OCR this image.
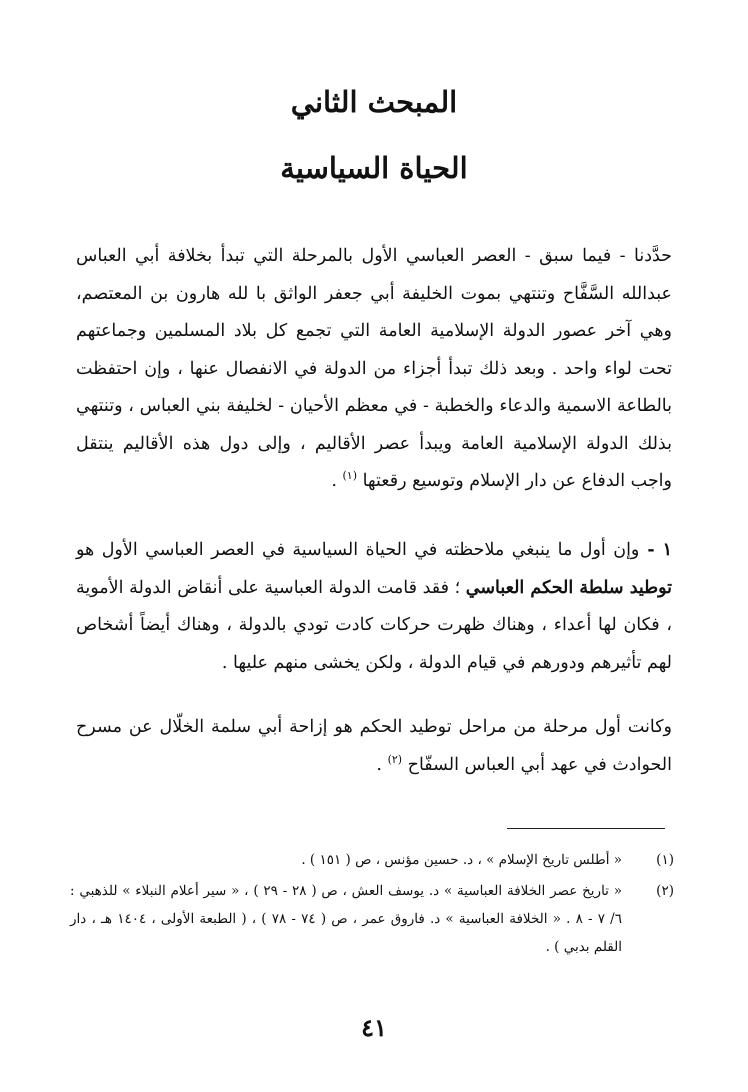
المبحث الثاني
الحياة السياسية

حدَّدنا - فيما سبق - العصر العباسي الأول بالمرحلة التي تبدأ بخلافة أبي العباس عبدالله السَّفَّاح وتنتهي بموت الخليفة أبي جعفر الواثق با لله هارون بن المعتصم، وهي آخر عصور الدولة الإسلامية العامة التي تجمع كل بلاد المسلمين وجماعتهم تحت لواء واحد . وبعد ذلك تبدأ أجزاء من الدولة في الانفصال عنها ، وإن احتفظت بالطاعة الاسمية والدعاء والخطبة - في معظم الأحيان - لخليفة بني العباس ، وتنتهي بذلك الدولة الإسلامية العامة ويبدأ عصر الأقاليم ، وإلى دول هذه الأقاليم ينتقل واجب الدفاع عن دار الإسلام وتوسيع رقعتها $^{(١)}$ .

١ - وإن أول ما ينبغي ملاحظته في الحياة السياسية في العصر العباسي الأول هو توطيد سلطة الحكم العباسي ؛ فقد قامت الدولة العباسية على أنقاض الدولة الأموية ، فكان لها أعداء ، وهناك ظهرت حركات كادت تودي بالدولة ، وهناك أيضاً أشخاص لهم تأثيرهم ودورهم في قيام الدولة ، ولكن يخشى منهم عليها .

وكانت أول مرحلة من مراحل توطيد الحكم هو إزاحة أبي سلمة الخلّال عن مسرح الحوادث في عهد أبي العباس السفّاح $^{(٢)}$ .

(١)
« أطلس تاريخ الإسلام » ، د. حسين مؤنس ، ص ( ١٥١ ) .
(٢)
« تاريخ عصر الخلافة العباسية » د. يوسف العش ، ص ( ٢٨ - ٢٩ ) ، « سير أعلام النبلاء » للذهبي : ٦/ ٧ - ٨ . « الخلافة العباسية » د. فاروق عمر ، ص ( ٧٤ - ٧٨ ) ، ( الطبعة الأولى ، ١٤٠٤ هـ ، دار القلم بدبي ) .
٤١
